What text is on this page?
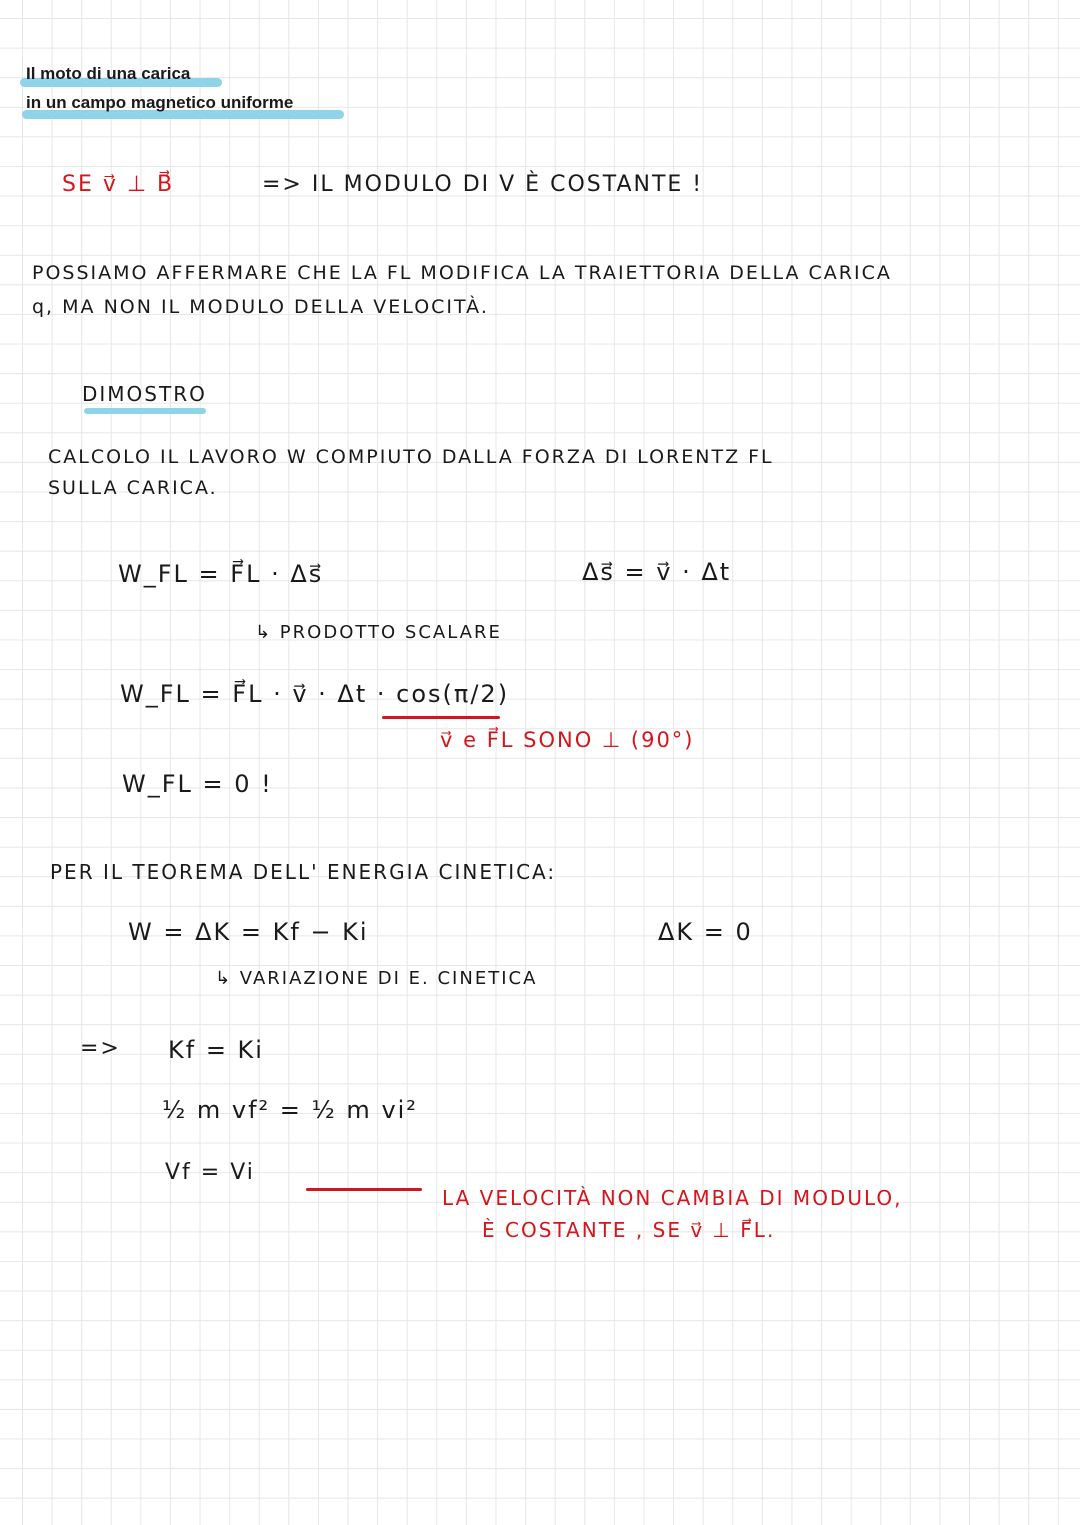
Il moto di una carica
in un campo magnetico uniforme
SE v⃗ ⊥ B⃗	=> IL MODULO DI V È COSTANTE !
POSSIAMO AFFERMARE CHE LA FL MODIFICA LA TRAIETTORIA DELLA CARICA
q, MA NON IL MODULO DELLA VELOCITÀ.
DIMOSTRO
CALCOLO IL LAVORO W COMPIUTO DALLA FORZA DI LORENTZ FL
SULLA CARICA.
W_FL = F⃗L · Δs⃗	Δs⃗ = v⃗ · Δt
↳ PRODOTTO SCALARE
W_FL = F⃗L · v⃗ · Δt · cos(π/2)
v⃗ e F⃗L SONO ⊥ (90°)
W_FL = 0 !
PER IL TEOREMA DELL' ENERGIA CINETICA:
W = ΔK = Kf − Ki	ΔK = 0
↳ VARIAZIONE DI E. CINETICA
=> Kf = Ki
½ m vf² = ½ m vi²
Vf = Vi
LA VELOCITÀ NON CAMBIA DI MODULO,
È COSTANTE , SE v⃗ ⊥ F⃗L.
